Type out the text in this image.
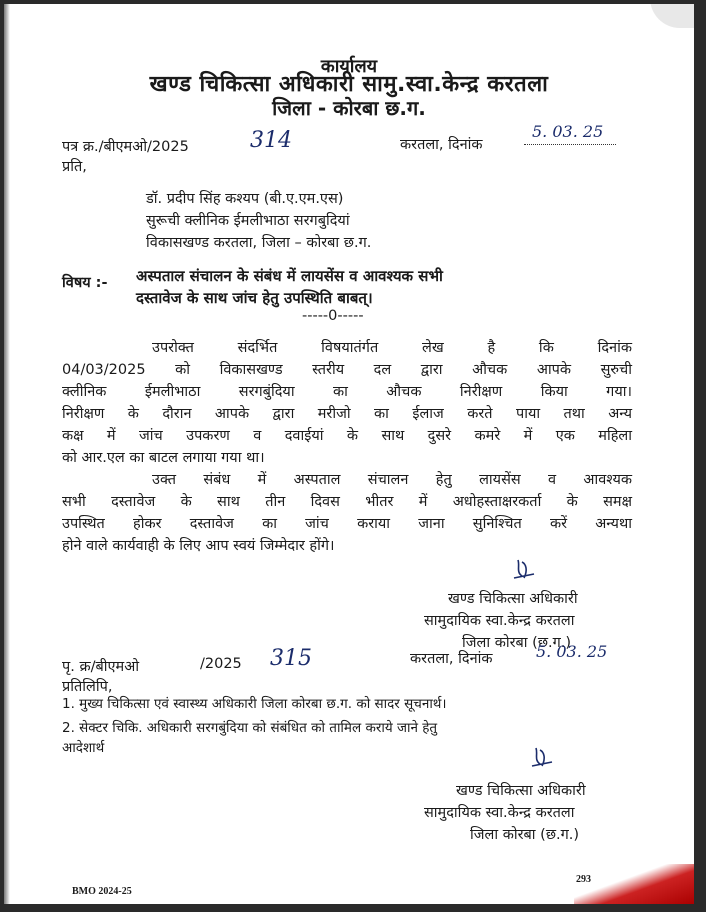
कार्यालय
खण्ड चिकित्सा अधिकारी सामु.स्वा.केन्द्र करतला
जिला - कोरबा छ.ग.
पत्र क्र./बीएमओ/2025	314	करतला, दिनांक
5. 03. 25
प्रति,
डॉ. प्रदीप सिंह कश्यप (बी.ए.एम.एस)
सुरूची क्लीनिक ईमलीभाठा सरगबुदियां
विकासखण्ड करतला, जिला – कोरबा छ.ग.
विषय :- अस्पताल संचालन के संबंध में लायसेंस व आवश्यक सभी
दस्तावेज के साथ जांच हेतु उपस्थिति बाबत्।
-----0-----
उपरोक्त संदर्भित विषयातंर्गत लेख है कि दिनांक
04/03/2025 को विकासखण्ड स्तरीय दल द्वारा औचक आपके सुरुची
क्लीनिक ईमलीभाठा सरगबुंदिया का औचक निरीक्षण किया गया।
निरीक्षण के दौरान आपके द्वारा मरीजो का ईलाज करते पाया तथा अन्य
कक्ष में जांच उपकरण व दवाईयां के साथ दुसरे कमरे में एक महिला
को आर.एल का बाटल लगाया गया था।
उक्त संबंध में अस्पताल संचालन हेतु लायसेंस व आवश्यक
सभी दस्तावेज के साथ तीन दिवस भीतर में अधोहस्ताक्षरकर्ता के समक्ष
उपस्थित होकर दस्तावेज का जांच कराया जाना सुनिश्चित करें अन्यथा
होने वाले कार्यवाही के लिए आप स्वयं जिम्मेदार होंगे।
खण्ड चिकित्सा अधिकारी
सामुदायिक स्वा.केन्द्र करतला
जिला कोरबा (छ.ग.)
पृ. क्र/बीएमओ	/2025 315	करतला, दिनांक	5. 03. 25
प्रतिलिपि,
1. मुख्य चिकित्सा एवं स्वास्थ्य अधिकारी जिला कोरबा छ.ग. को सादर सूचनार्थ।
2. सेक्टर चिकि. अधिकारी सरगबुंदिया को संबंधित को तामिल कराये जाने हेतु
आदेशार्थ
खण्ड चिकित्सा अधिकारी
सामुदायिक स्वा.केन्द्र करतला
जिला कोरबा (छ.ग.)
BMO 2024-25
293
